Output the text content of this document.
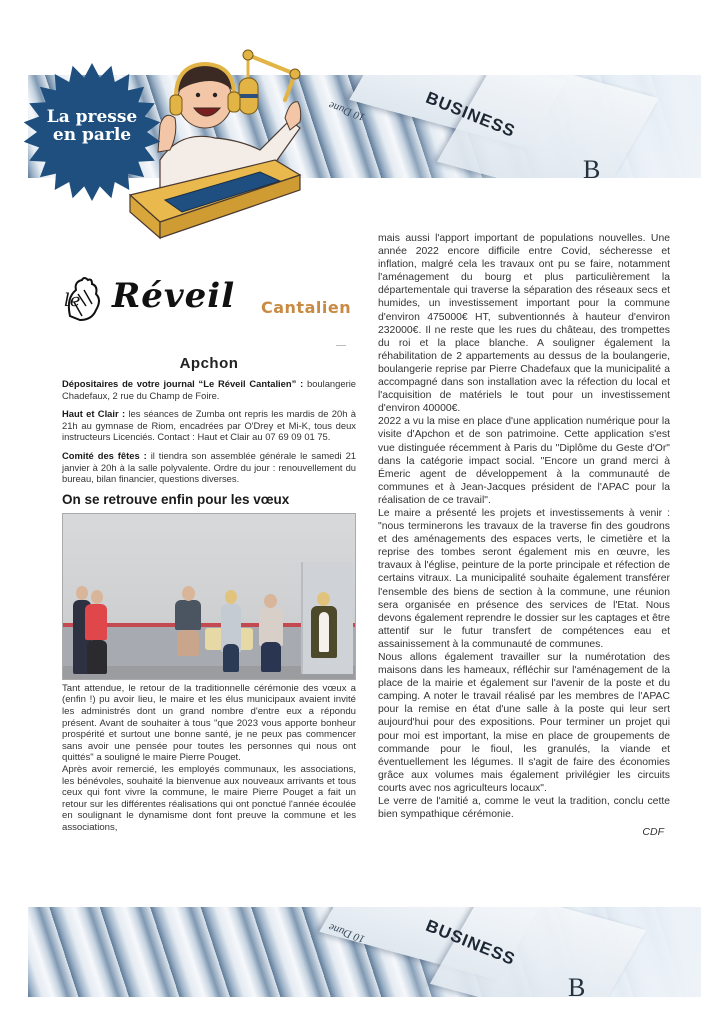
BUSINESS
10 Dune
B
La presse
en parle
le Réveil Cantalien
Apchon

Dépositaires de votre journal “Le Réveil Cantalien” : boulangerie Chadefaux, 2 rue du Champ de Foire.

Haut et Clair : les séances de Zumba ont repris les mardis de 20h à 21h au gymnase de Riom, encadrées par O'Drey et Mi-K, tous deux instructeurs Licenciés. Contact : Haut et Clair au 07 69 09 01 75.

Comité des fêtes : il tiendra son assemblée générale le samedi 21 janvier à 20h à la salle polyvalente. Ordre du jour : renouvellement du bureau, bilan financier, questions diverses.

On se retrouve enfin pour les vœux

Tant attendue, le retour de la traditionnelle cérémonie des vœux a (enfin !) pu avoir lieu, le maire et les élus municipaux avaient invité les administrés dont un grand nombre d'entre eux a répondu présent. Avant de souhaiter à tous "que 2023 vous apporte bonheur prospérité et surtout une bonne santé, je ne peux pas commencer sans avoir une pensée pour toutes les personnes qui nous ont quittés" a souligné le maire Pierre Pouget.

Après avoir remercié, les employés communaux, les associations, les bénévoles, souhaité la bienvenue aux nouveaux arrivants et tous ceux qui font vivre la commune, le maire Pierre Pouget a fait un retour sur les différentes réalisations qui ont ponctué l'année écoulée en soulignant le dynamisme dont font preuve la commune et les associations,

mais aussi l'apport important de populations nouvelles. Une année 2022 encore difficile entre Covid, sécheresse et inflation, malgré cela les travaux ont pu se faire, notamment l'aménagement du bourg et plus particulièrement la départementale qui traverse la séparation des réseaux secs et humides, un investissement important pour la commune d'environ 475000€ HT, subventionnés à hauteur d'environ 232000€. Il ne reste que les rues du château, des trompettes du roi et la place blanche. A souligner également la réhabilitation de 2 appartements au dessus de la boulangerie, boulangerie reprise par Pierre Chadefaux que la municipalité a accompagné dans son installation avec la réfection du local et l'acquisition de matériels le tout pour un investissement d'environ 40000€.

2022 a vu la mise en place d'une application numérique pour la visite d'Apchon et de son patrimoine. Cette application s'est vue distinguée récemment à Paris du "Diplôme du Geste d'Or" dans la catégorie impact social. "Encore un grand merci à Émeric agent de développement à la communauté de communes et à Jean-Jacques président de l'APAC pour la réalisation de ce travail".

Le maire a présenté les projets et investissements à venir : "nous terminerons les travaux de la traverse fin des goudrons et des aménagements des espaces verts, le cimetière et la reprise des tombes seront également mis en œuvre, les travaux à l'église, peinture de la porte principale et réfection de certains vitraux. La municipalité souhaite également transférer l'ensemble des biens de section à la commune, une réunion sera organisée en présence des services de l'Etat. Nous devons également reprendre le dossier sur les captages et être attentif sur le futur transfert de compétences eau et assainissement à la communauté de communes.

Nous allons également travailler sur la numérotation des maisons dans les hameaux, réfléchir sur l'aménagement de la place de la mairie et également sur l'avenir de la poste et du camping. A noter le travail réalisé par les membres de l'APAC pour la remise en état d'une salle à la poste qui leur sert aujourd'hui pour des expositions. Pour terminer un projet qui pour moi est important, la mise en place de groupements de commande pour le fioul, les granulés, la viande et éventuellement les légumes. Il s'agit de faire des économies grâce aux volumes mais également privilégier les circuits courts avec nos agriculteurs locaux".

Le verre de l'amitié a, comme le veut la tradition, conclu cette bien sympathique cérémonie.

CDF
BUSINESS
10 Dune
B
